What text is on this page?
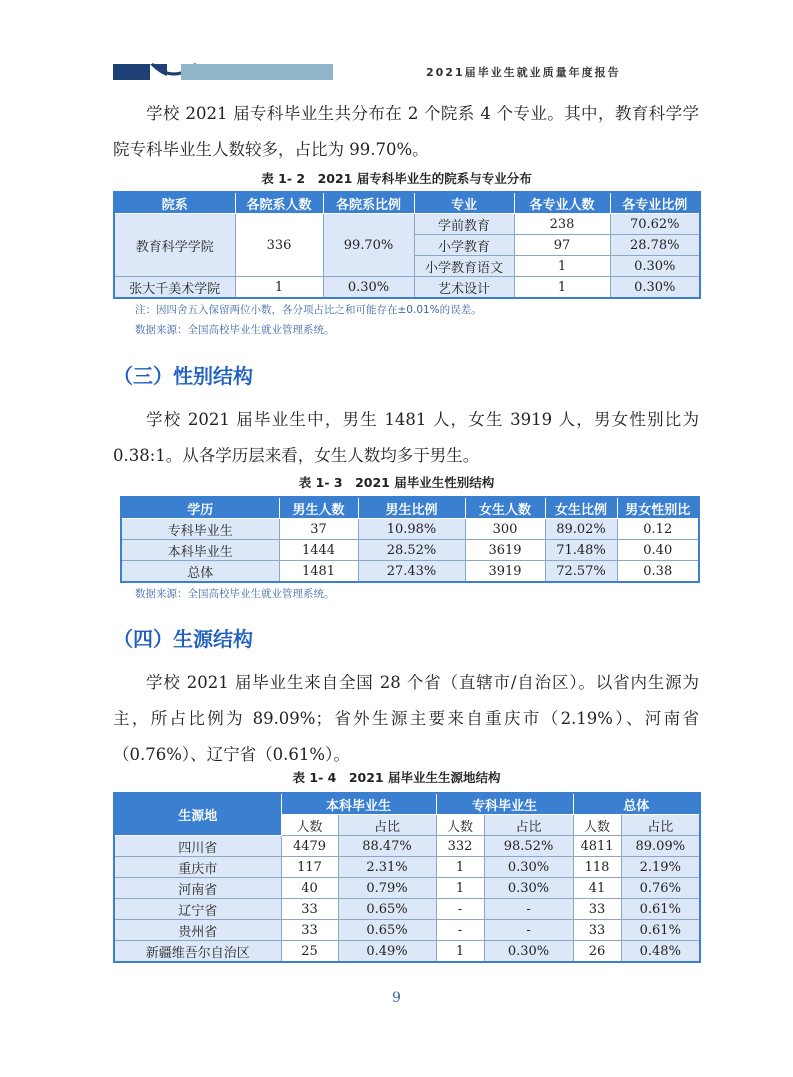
2021届毕业生就业质量年度报告
学校 2021 届专科毕业生共分布在 2 个院系 4 个专业。其中，教育科学学院专科毕业生人数较多，占比为 99.70%。
表 1- 2　2021 届专科毕业生的院系与专业分布
院系	各院系人数	各院系比例	专业	各专业人数	各专业比例
教育科学学院	336	99.70%	学前教育	238	70.62%
			小学教育	97	28.78%
			小学教育语文	1	0.30%
张大千美术学院	1	0.30%	艺术设计	1	0.30%
注：因四舍五入保留两位小数，各分项占比之和可能存在±0.01%的误差。
数据来源：全国高校毕业生就业管理系统。
（三）性别结构
学校 2021 届毕业生中，男生 1481 人，女生 3919 人，男女性别比为 0.38:1。从各学历层来看，女生人数均多于男生。
表 1- 3　2021 届毕业生性别结构
学历	男生人数	男生比例	女生人数	女生比例	男女性别比
专科毕业生	37	10.98%	300	89.02%	0.12
本科毕业生	1444	28.52%	3619	71.48%	0.40
总体	1481	27.43%	3919	72.57%	0.38
数据来源：全国高校毕业生就业管理系统。
（四）生源结构
学校 2021 届毕业生来自全国 28 个省（直辖市/自治区）。以省内生源为主，所占比例为 89.09%；省外生源主要来自重庆市（2.19%）、河南省（0.76%）、辽宁省（0.61%）。
表 1- 4　2021 届毕业生生源地结构
生源地	本科毕业生		专科毕业生		总体	
	人数	占比	人数	占比	人数	占比
四川省	4479	88.47%	332	98.52%	4811	89.09%
重庆市	117	2.31%	1	0.30%	118	2.19%
河南省	40	0.79%	1	0.30%	41	0.76%
辽宁省	33	0.65%	-	-	33	0.61%
贵州省	33	0.65%	-	-	33	0.61%
新疆维吾尔自治区	25	0.49%	1	0.30%	26	0.48%
9
